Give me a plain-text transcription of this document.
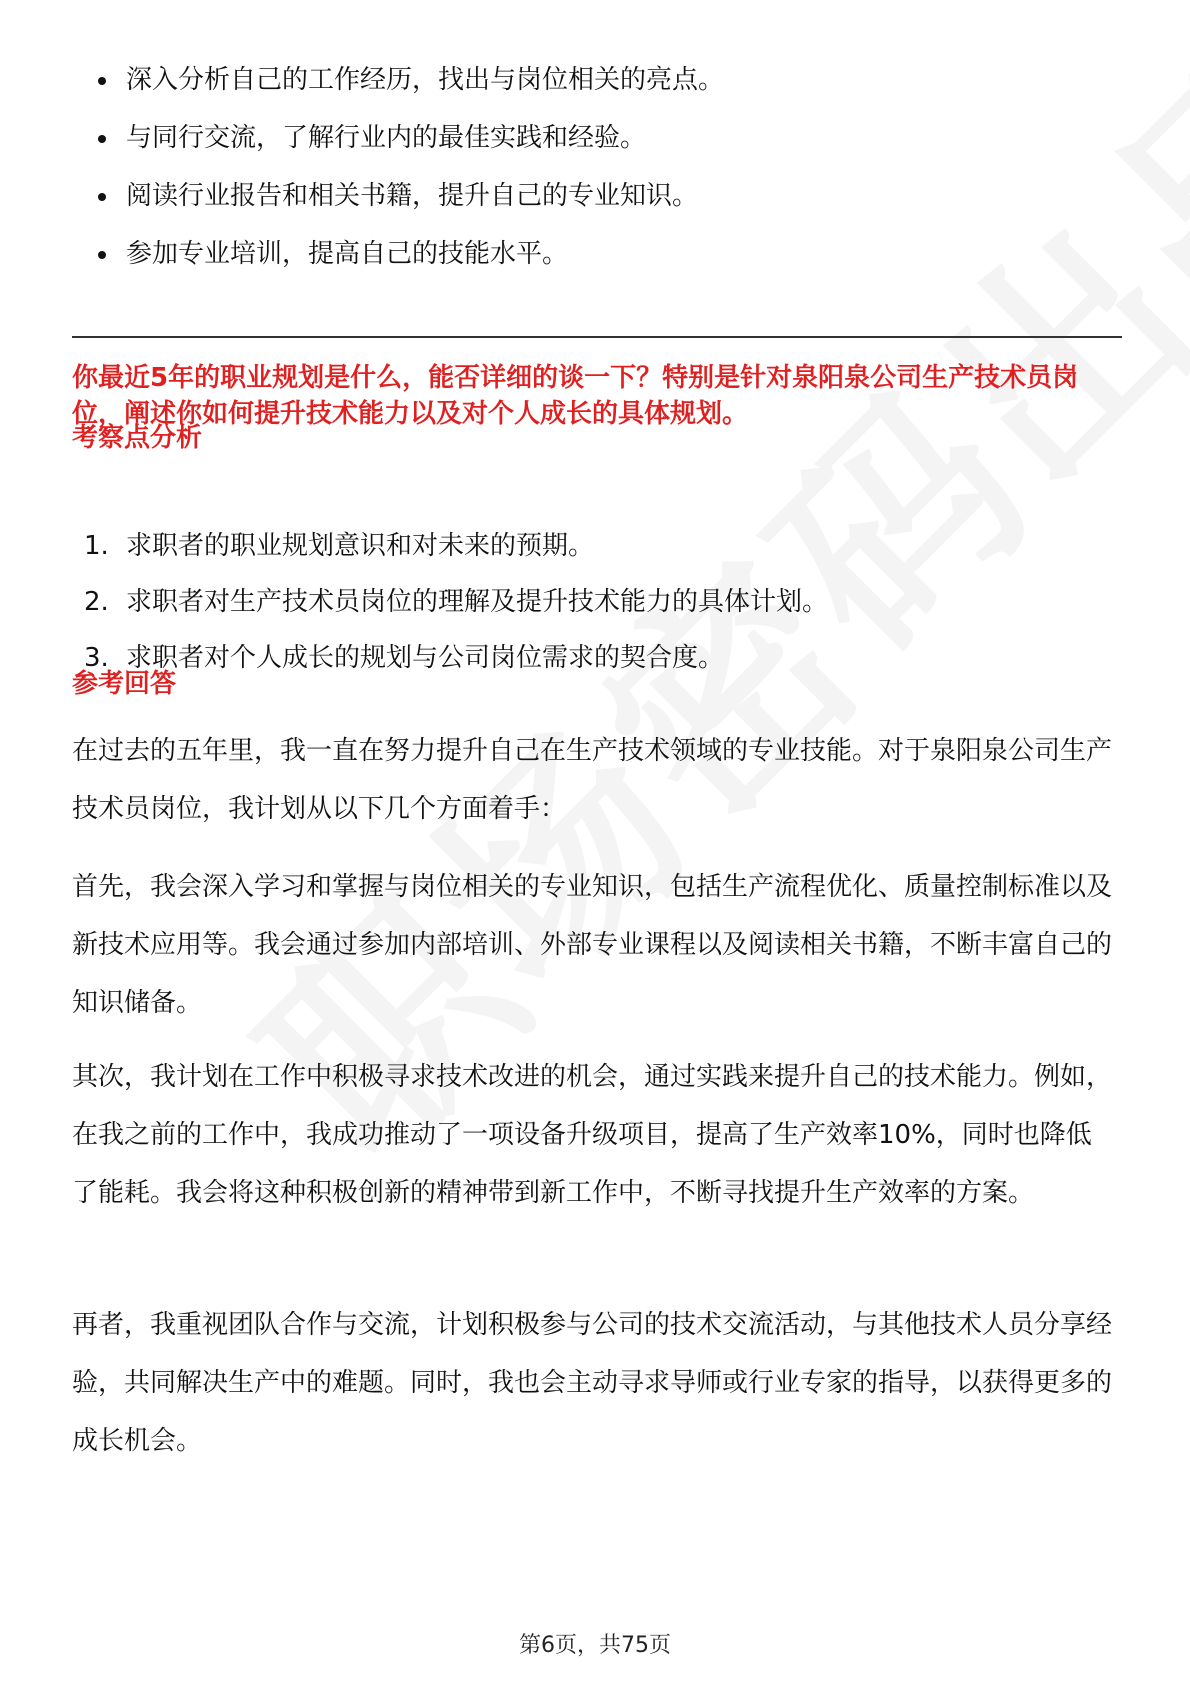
深入分析自己的工作经历，找出与岗位相关的亮点。
与同行交流，了解行业内的最佳实践和经验。
阅读行业报告和相关书籍，提升自己的专业知识。
参加专业培训，提高自己的技能水平。

你最近5年的职业规划是什么，能否详细的谈一下？特别是针对泉阳泉公司生产技术员岗位，阐述你如何提升技术能力以及对个人成长的具体规划。

考察点分析
1. 求职者的职业规划意识和对未来的预期。
2. 求职者对生产技术员岗位的理解及提升技术能力的具体计划。
3. 求职者对个人成长的规划与公司岗位需求的契合度。
参考回答

在过去的五年里，我一直在努力提升自己在生产技术领域的专业技能。对于泉阳泉公司生产技术员岗位，我计划从以下几个方面着手：

首先，我会深入学习和掌握与岗位相关的专业知识，包括生产流程优化、质量控制标准以及新技术应用等。我会通过参加内部培训、外部专业课程以及阅读相关书籍，不断丰富自己的知识储备。

其次，我计划在工作中积极寻求技术改进的机会，通过实践来提升自己的技术能力。例如，在我之前的工作中，我成功推动了一项设备升级项目，提高了生产效率10%，同时也降低了能耗。我会将这种积极创新的精神带到新工作中，不断寻找提升生产效率的方案。

再者，我重视团队合作与交流，计划积极参与公司的技术交流活动，与其他技术人员分享经验，共同解决生产中的难题。同时，我也会主动寻求导师或行业专家的指导，以获得更多的成长机会。

第6页，共75页
